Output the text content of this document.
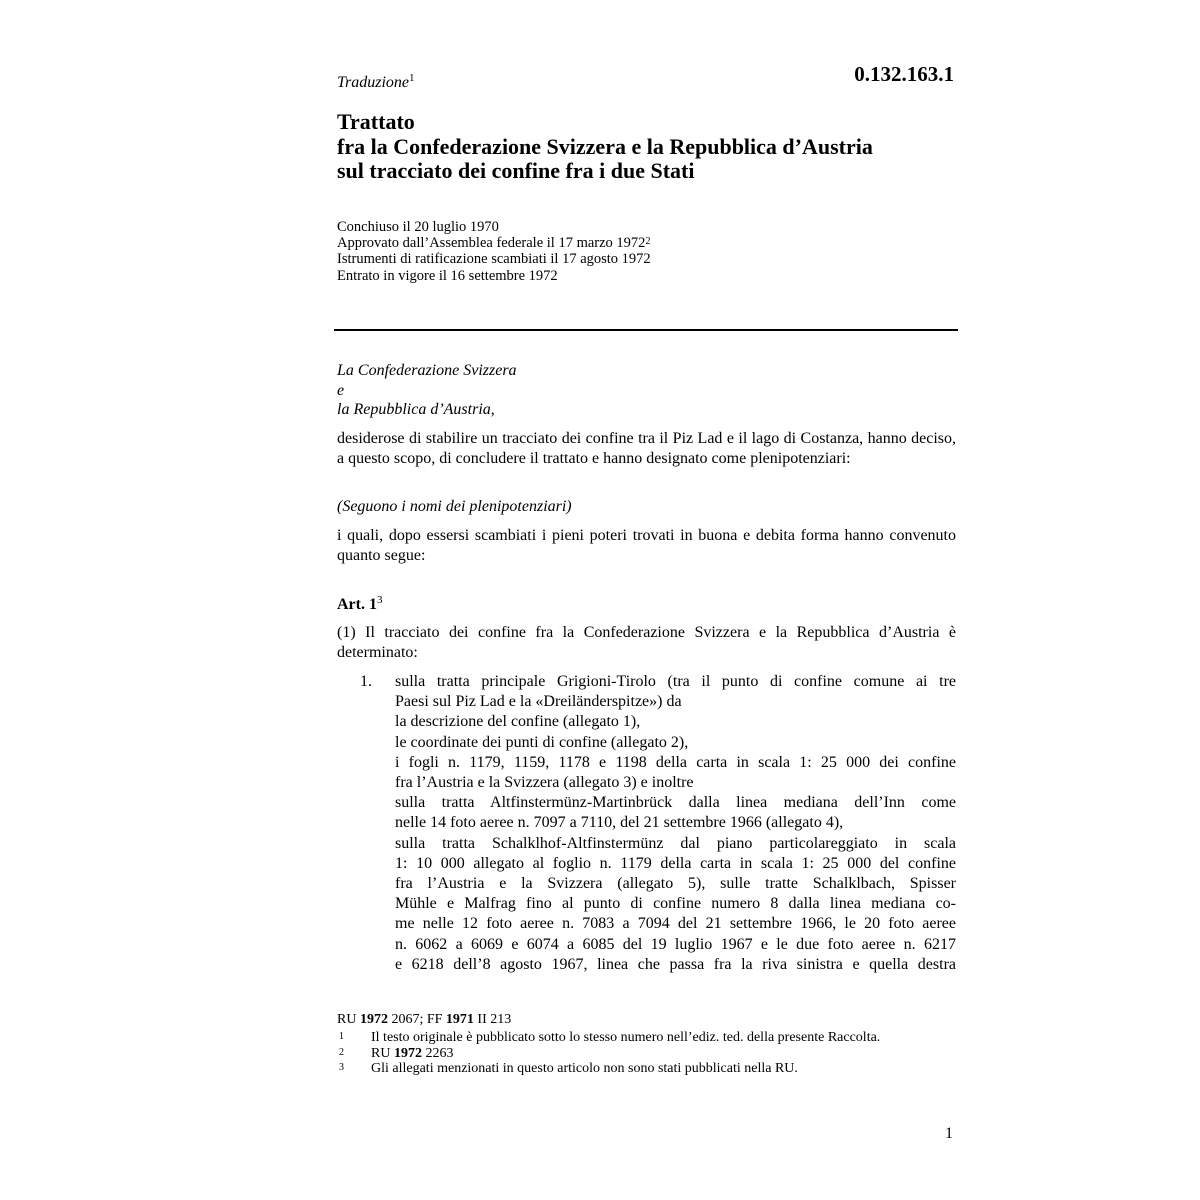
Traduzione$^1$	0.132.163.1
Trattato
fra la Confederazione Svizzera e la Repubblica d’Austria
sul tracciato dei confine fra i due Stati
Conchiuso il 20 luglio 1970
Approvato dall’Assemblea federale il 17 marzo 1972$^2$
Istrumenti di ratificazione scambiati il 17 agosto 1972
Entrato in vigore il 16 settembre 1972
La Confederazione Svizzera
e
la Repubblica d’Austria,
desiderose di stabilire un tracciato dei confine tra il Piz Lad e il lago di Costanza, hanno deciso, a questo scopo, di concludere il trattato e hanno designato come plenipotenziari:
(Seguono i nomi dei plenipotenziari)
i quali, dopo essersi scambiati i pieni poteri trovati in buona e debita forma hanno convenuto quanto segue:
Art. $1^3$
(1) Il tracciato dei confine fra la Confederazione Svizzera e la Repubblica d’Austria è determinato:
1. sulla tratta principale Grigioni-Tirolo (tra il punto di confine comune ai tre
Paesi sul Piz Lad e la «Dreiländerspitze») da
la descrizione del confine (allegato 1),
le coordinate dei punti di confine (allegato 2),
i fogli n. 1179, 1159, 1178 e 1198 della carta in scala 1: 25 000 dei confine
fra l’Austria e la Svizzera (allegato 3) e inoltre
sulla tratta Altfinstermünz-Martinbrück dalla linea mediana dell’Inn come
nelle 14 foto aeree n. 7097 a 7110, del 21 settembre 1966 (allegato 4),
sulla tratta Schalklhof-Altfinstermünz dal piano particolareggiato in scala
1: 10 000 allegato al foglio n. 1179 della carta in scala 1: 25 000 del confine
fra l’Austria e la Svizzera (allegato 5), sulle tratte Schalklbach, Spisser
Mühle e Malfrag fino al punto di confine numero 8 dalla linea mediana co-
me nelle 12 foto aeree n. 7083 a 7094 del 21 settembre 1966, le 20 foto aeree
n. 6062 a 6069 e 6074 a 6085 del 19 luglio 1967 e le due foto aeree n. 6217
e 6218 dell’8 agosto 1967, linea che passa fra la riva sinistra e quella destra
RU 1972 2067; FF 1971 II 213
1 Il testo originale è pubblicato sotto lo stesso numero nell’ediz. ted. della presente Raccolta.
2 RU 1972 2263
3 Gli allegati menzionati in questo articolo non sono stati pubblicati nella RU.
1
